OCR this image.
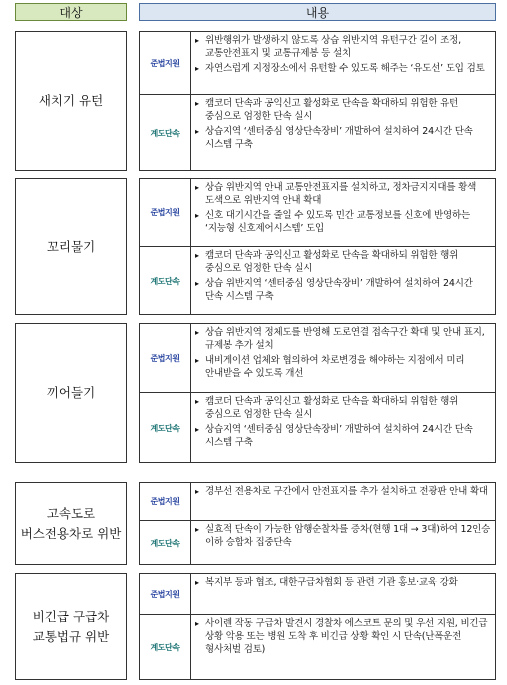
대상	내용
새치기 유턴
준법지원
▸ 위반행위가 발생하지 않도록 상습 위반지역 유턴구간 길이 조정, 교통안전표지 및 교통규제봉 등 설치
▸ 자연스럽게 지정장소에서 유턴할 수 있도록 해주는 ‘유도선’ 도입 검토
계도단속
▸ 캠코더 단속과 공익신고 활성화로 단속을 확대하되 위험한 유턴 중심으로 엄정한 단속 실시
▸ 상습지역 ‘센터중심 영상단속장비’ 개발하여 설치하여 24시간 단속 시스템 구축
꼬리물기
준법지원
▸ 상습 위반지역 안내 교통안전표지를 설치하고, 정차금지지대를 황색 도색으로 위반지역 안내 확대
▸ 신호 대기시간을 줄일 수 있도록 민간 교통정보를 신호에 반영하는 ‘지능형 신호제어시스템’ 도입
계도단속
▸ 캠코더 단속과 공익신고 활성화로 단속을 확대하되 위험한 행위 중심으로 엄정한 단속 실시
▸ 상습 위반지역 ‘센터중심 영상단속장비’ 개발하여 설치하여 24시간 단속 시스템 구축
끼어들기
준법지원
▸ 상습 위반지역 정체도를 반영해 도로연결 접속구간 확대 및 안내 표지, 규제봉 추가 설치
▸ 내비게이션 업체와 협의하여 차로변경을 해야하는 지점에서 미리 안내받을 수 있도록 개선
계도단속
▸ 캠코더 단속과 공익신고 활성화로 단속을 확대하되 위험한 행위 중심으로 엄정한 단속 실시
▸ 상습지역 ‘센터중심 영상단속장비’ 개발하여 설치하여 24시간 단속 시스템 구축
고속도로
버스전용차로 위반
준법지원
▸ 경부선 전용차로 구간에서 안전표지를 추가 설치하고 전광판 안내 확대
계도단속
▸ 실효적 단속이 가능한 암행순찰차를 증차(현행 1대 → 3대)하여 12인승 이하 승합차 집중단속
비긴급 구급차
교통법규 위반
준법지원
▸ 복지부 등과 협조, 대한구급차협회 등 관련 기관 홍보·교육 강화
계도단속
▸ 사이렌 작동 구급차 발견시 경찰차 에스코트 문의 및 우선 지원, 비긴급 상황 악용 또는 병원 도착 후 비긴급 상황 확인 시 단속(난폭운전 형사처벌 검토)
